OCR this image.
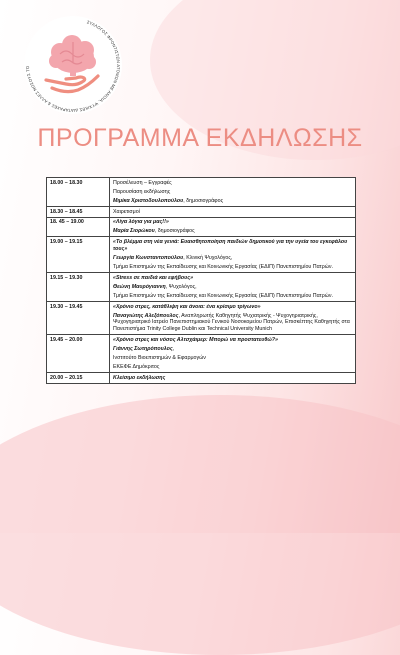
ΣΥΛΛΟΓΟΣ ΦΡΟΝΤΙΣΤΩΝ ΑΤΟΜΩΝ ΜΕ ΑΝΟΙΑ, ΨΥΧΙΚΕΣ ΔΙΑΤΑΡΑΧΕΣ & ΑΛΛΕΣ ΝΟΣΟΥΣ ΤΟ
ΠΡΟΓΡΑΜΜΑ ΕΚΔΗΛΩΣΗΣ
18.00 – 18.30	Προσέλευση – Εγγραφές
Παρουσίαση εκδήλωσης
Μιμίκα Χριστοδουλοπούλου, δημοσιογράφος

18.30 – 18.45	Χαιρετισμοί

18. 45 – 19.00	«Λίγα λόγια για μας!!»
Μαρία Σιορώκου, δημοσιογράφος

19.00 – 19.15	«Το βλέμμα στη νέα γενιά: Ευαισθητοποίηση παιδιών δημοτικού για την υγεία του εγκεφάλου τους»
Γεωργία Κωνσταντοπούλου, Κλινική Ψυχολόγος,
Τμήμα Επιστημών της Εκπαίδευσης και Κοινωνικής Εργασίας (ΕΔΙΠ) Πανεπιστημίου Πατρών.

19.15 – 19.30	«Stress σε παιδιά και εφήβους»
Θεώνη Μαυρόγιαννη, Ψυχολόγος,
Τμήμα Επιστημών της Εκπαίδευσης και Κοινωνικής Εργασίας (ΕΔΙΠ) Πανεπιστημίου Πατρών.

19.30 – 19.45	«Χρόνιο στρες, κατάθλιψη και άνοια: ένα κρίσιμο τρίγωνο»
Παναγιώτης Αλεξόπουλος, Αναπληρωτής Καθηγητής Ψυχιατρικής - Ψυχογηριατρικής, Ψυχογηριατρικό Ιατρείο Πανεπιστημιακού Γενικού Νοσοκομείου Πατρών, Επισκέπτης Καθηγητής στα Πανεπιστήμια Trinity College Dublin και Technical University Munich

19.45 – 20.00	«Χρόνιο στρες και νόσος Αλτσχάιμερ: Μπορώ να προστατευθώ?»
Γιάννης Σωτηρόπουλος,
Ινστιτούτο Βιοεπιστημών & Εφαρμογών
ΕΚΕΦΕ Δημόκριτος

20.00 – 20.15	Κλείσιμο εκδήλωσης
